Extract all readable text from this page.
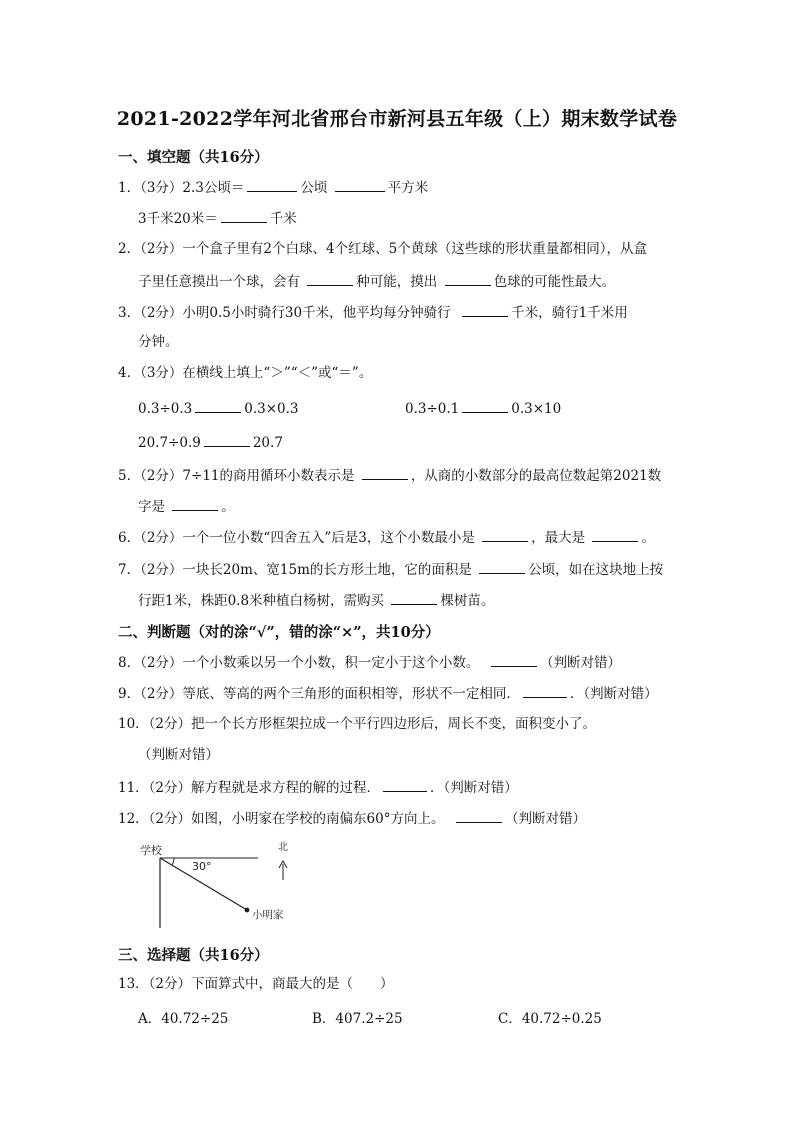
2021-2022学年河北省邢台市新河县五年级（上）期末数学试卷
一、填空题（共16分）
1．（3分）2.3公顷＝	公顷	平方米
3千米20米＝	千米
2．（2分）一个盒子里有2个白球、4个红球、5个黄球（这些球的形状重量都相同），从盒
子里任意摸出一个球，会有	种可能，摸出	色球的可能性最大。
3．（2分）小明0.5小时骑行30千米，他平均每分钟骑行	千米，骑行1千米用
分钟。
4．（3分）在横线上填上“＞”“＜”或“＝”。
0.3÷0.3	0.3×0.3	0.3÷0.1	0.3×10
20.7÷0.9	20.7
5．（2分）7÷11的商用循环小数表示是	，从商的小数部分的最高位数起第2021数
字是	。
6．（2分）一个一位小数“四舍五入”后是3，这个小数最小是	，最大是	。
7．（2分）一块长20m、宽15m的长方形土地，它的面积是	公顷，如在这块地上按
行距1米，株距0.8米种植白杨树，需购买	棵树苗。
二、判断题（对的涂“√”，错的涂“×”，共10分）
8．（2分）一个小数乘以另一个小数，积一定小于这个小数。	（判断对错）
9．（2分）等底、等高的两个三角形的面积相等，形状不一定相同．	．（判断对错）
10．（2分）把一个长方形框架拉成一个平行四边形后，周长不变，面积变小了。
（判断对错）
11．（2分）解方程就是求方程的解的过程．	．（判断对错）
12．（2分）如图，小明家在学校的南偏东60°方向上。	（判断对错）
学校
30°
北
小明家
三、选择题（共16分）
13．（2分）下面算式中，商最大的是（　　）
A．40.72÷25	B．407.2÷25	C．40.72÷0.25
